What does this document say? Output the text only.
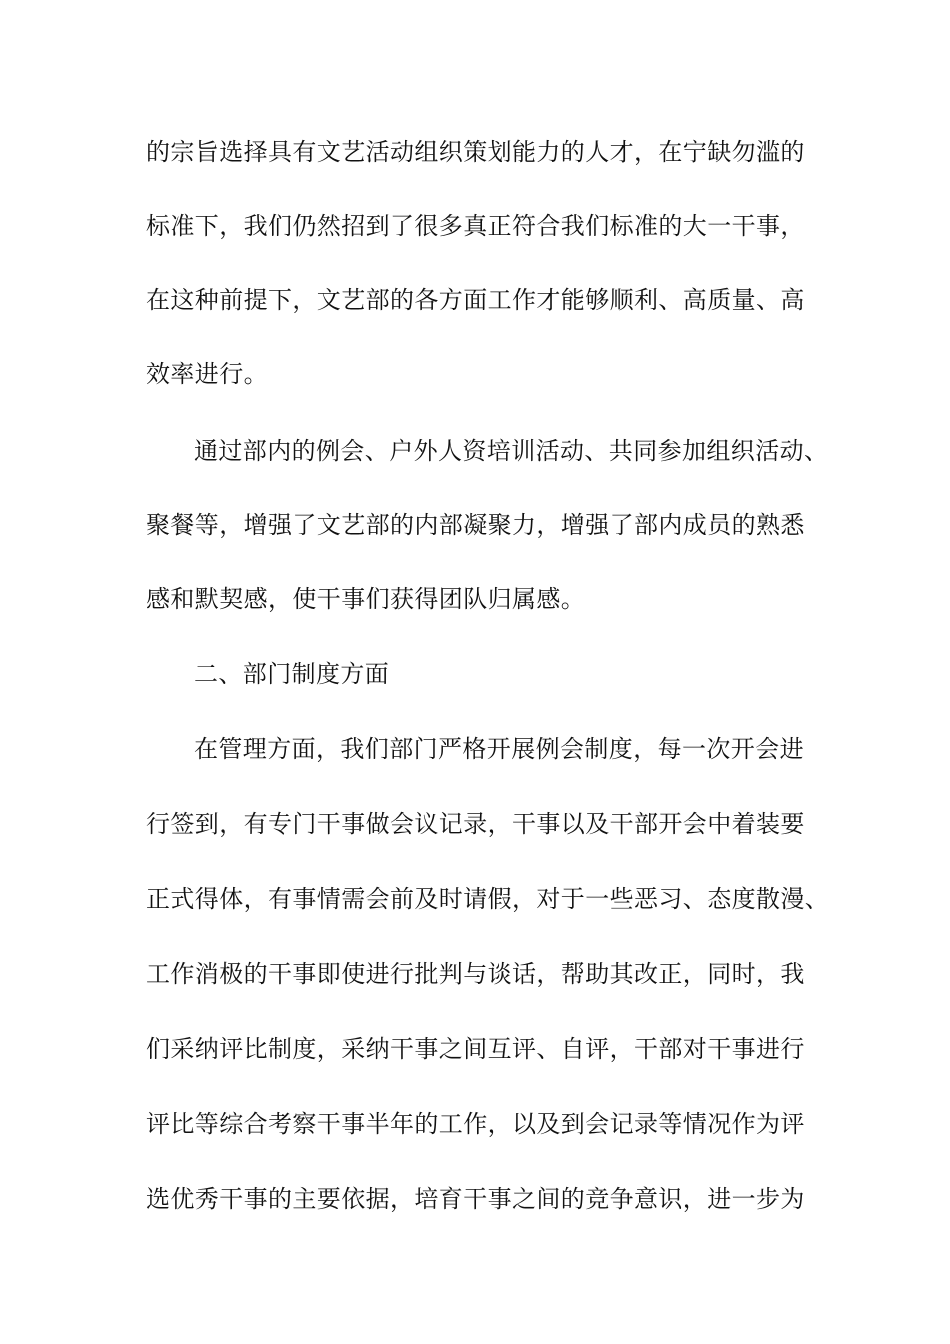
的宗旨选择具有文艺活动组织策划能力的人才，在宁缺勿滥的
标准下，我们仍然招到了很多真正符合我们标准的大一干事，
在这种前提下，文艺部的各方面工作才能够顺利、高质量、高
效率进行。
通过部内的例会、户外人资培训活动、共同参加组织活动、
聚餐等，增强了文艺部的内部凝聚力，增强了部内成员的熟悉
感和默契感，使干事们获得团队归属感。
二、部门制度方面
在管理方面，我们部门严格开展例会制度，每一次开会进
行签到，有专门干事做会议记录，干事以及干部开会中着装要
正式得体，有事情需会前及时请假，对于一些恶习、态度散漫、
工作消极的干事即使进行批判与谈话，帮助其改正，同时，我
们采纳评比制度，采纳干事之间互评、自评，干部对干事进行
评比等综合考察干事半年的工作，以及到会记录等情况作为评
选优秀干事的主要依据，培育干事之间的竞争意识，进一步为
